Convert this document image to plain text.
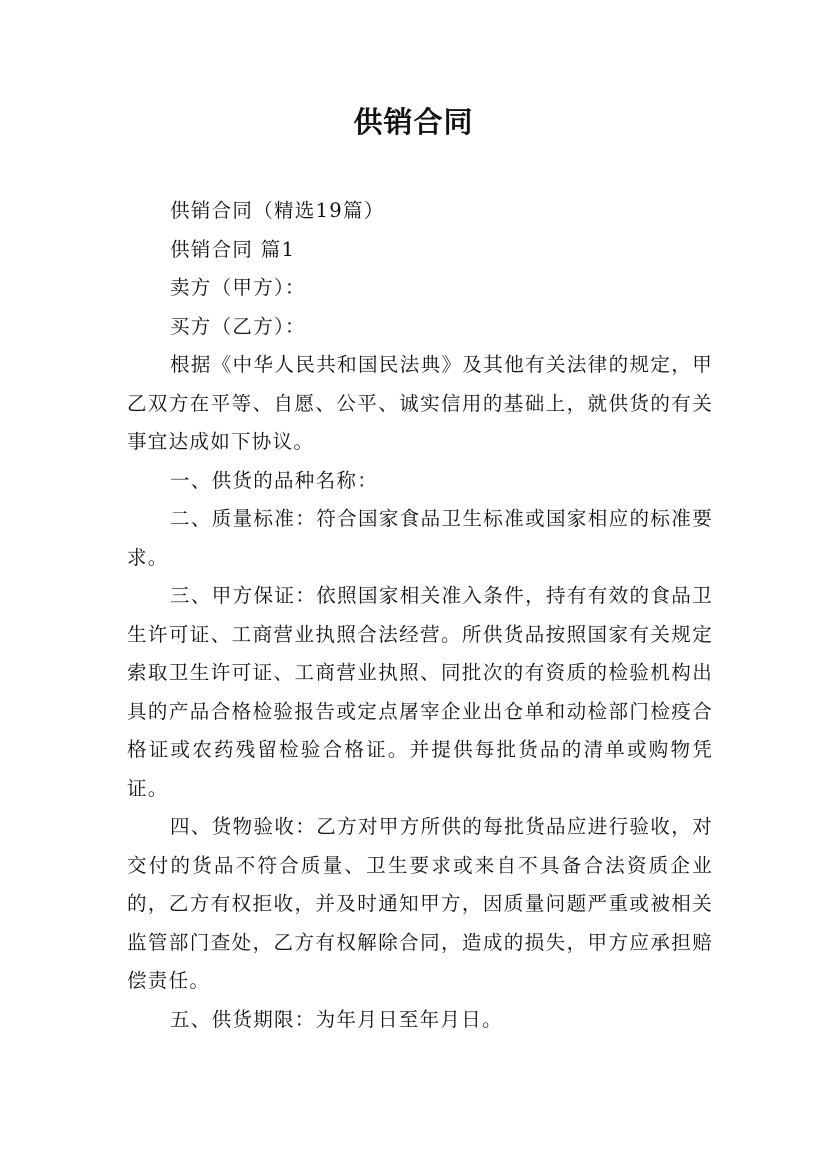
供销合同

供销合同（精选19篇）

供销合同 篇1

卖方（甲方）：

买方（乙方）：

根据《中华人民共和国民法典》及其他有关法律的规定，甲乙双方在平等、自愿、公平、诚实信用的基础上，就供货的有关事宜达成如下协议。

一、供货的品种名称：

二、质量标准：符合国家食品卫生标准或国家相应的标准要求。

三、甲方保证：依照国家相关准入条件，持有有效的食品卫生许可证、工商营业执照合法经营。所供货品按照国家有关规定索取卫生许可证、工商营业执照、同批次的有资质的检验机构出具的产品合格检验报告或定点屠宰企业出仓单和动检部门检疫合格证或农药残留检验合格证。并提供每批货品的清单或购物凭证。

四、货物验收：乙方对甲方所供的每批货品应进行验收，对交付的货品不符合质量、卫生要求或来自不具备合法资质企业的，乙方有权拒收，并及时通知甲方，因质量问题严重或被相关监管部门查处，乙方有权解除合同，造成的损失，甲方应承担赔偿责任。

五、供货期限：为年月日至年月日。
